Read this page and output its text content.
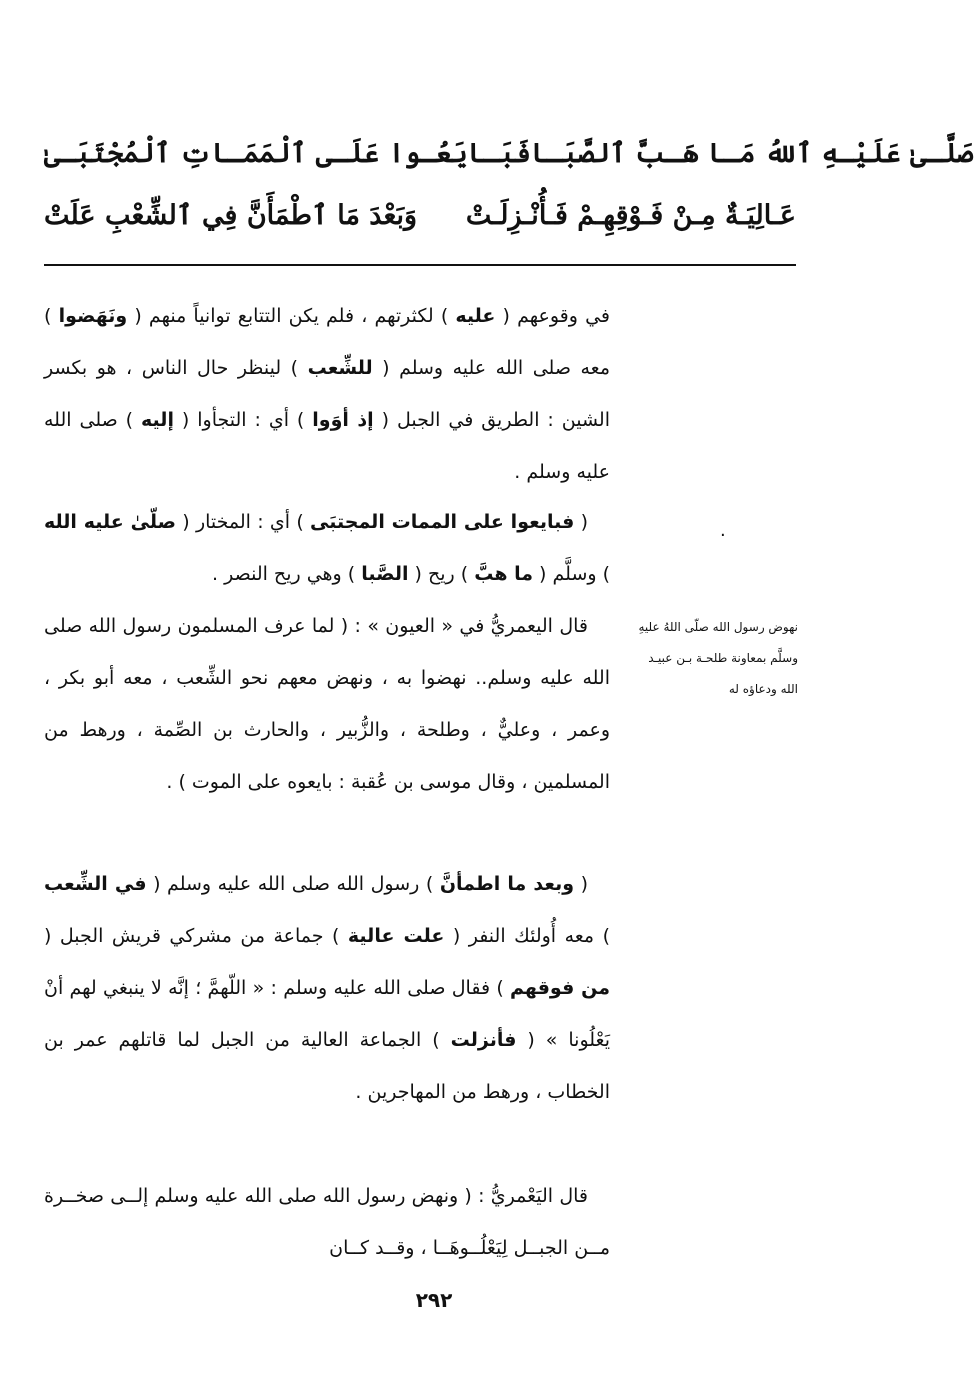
فَبَـايَعُـوا عَلَـى ٱلْمَمَـاتِ ٱلْمُجْتَبَـىٰ صَلَّـىٰ عَلَيْـهِ ٱللهُ مَـا هَـبَّ ٱلصَّبَـا
وَبَعْدَ مَا ٱطْمَأَنَّ فِي ٱلشِّعْبِ عَلَتْ عَـالِيَـةٌ مِـنْ فَـوْقِهِـمْ فَـأُنْـزِلَـتْ

في وقوعهم ( عليه ) لكثرتهم ، فلم يكن التتابع توانياً منهم ( ونَهَضوا ) معه صلى الله عليه وسلم ( للشِّعب ) لينظر حال الناس ، هو بكسر الشين : الطريق في الجبل ( إذ أوَوا ) أي : التجأوا ( إليه ) صلى الله عليه وسلم .

( فبايعوا على الممات المجتبَى ) أي : المختار ( صلّىٰ عليه الله ) وسلَّم ( ما هبَّ ) ريح ( الصَّبا ) وهي ريح النصر .

قال اليعمريُّ في « العيون » : ( لما عرف المسلمون رسول الله صلى الله عليه وسلم.. نهضوا به ، ونهض معهم نحو الشِّعب ، معه أبو بكر ، وعمر ، وعليٌّ ، وطلحة ، والزُّبير ، والحارث بن الصِّمة ، ورهط من المسلمين ، وقال موسى بن عُقبة : بايعوه على الموت ) .

( وبعد ما اطمأنَّ ) رسول الله صلى الله عليه وسلم ( في الشِّعب ) معه أُولئك النفر ( علت عالية ) جماعة من مشركي قريش الجبل ( من فوقهم ) فقال صلى الله عليه وسلم : « اللّهمَّ ؛ إنَّه لا ينبغي لهم أنْ يَعْلُونا » ( فأنزلت ) الجماعة العالية من الجبل لما قاتلهم عمر بن الخطاب ، ورهط من المهاجرين .

قال اليَعْمريُّ : ( ونهض رسول الله صلى الله عليه وسلم إلــى صخــرة مــن الجبــل لِيَعْلُــوهَــا ، وقــد كــان

.
نهوض رسول الله صلّى اللهُ عليهِ وسلَّم بمعاونة طلحـة بـن عبيـد الله ودعاؤه له
٢٩٢
